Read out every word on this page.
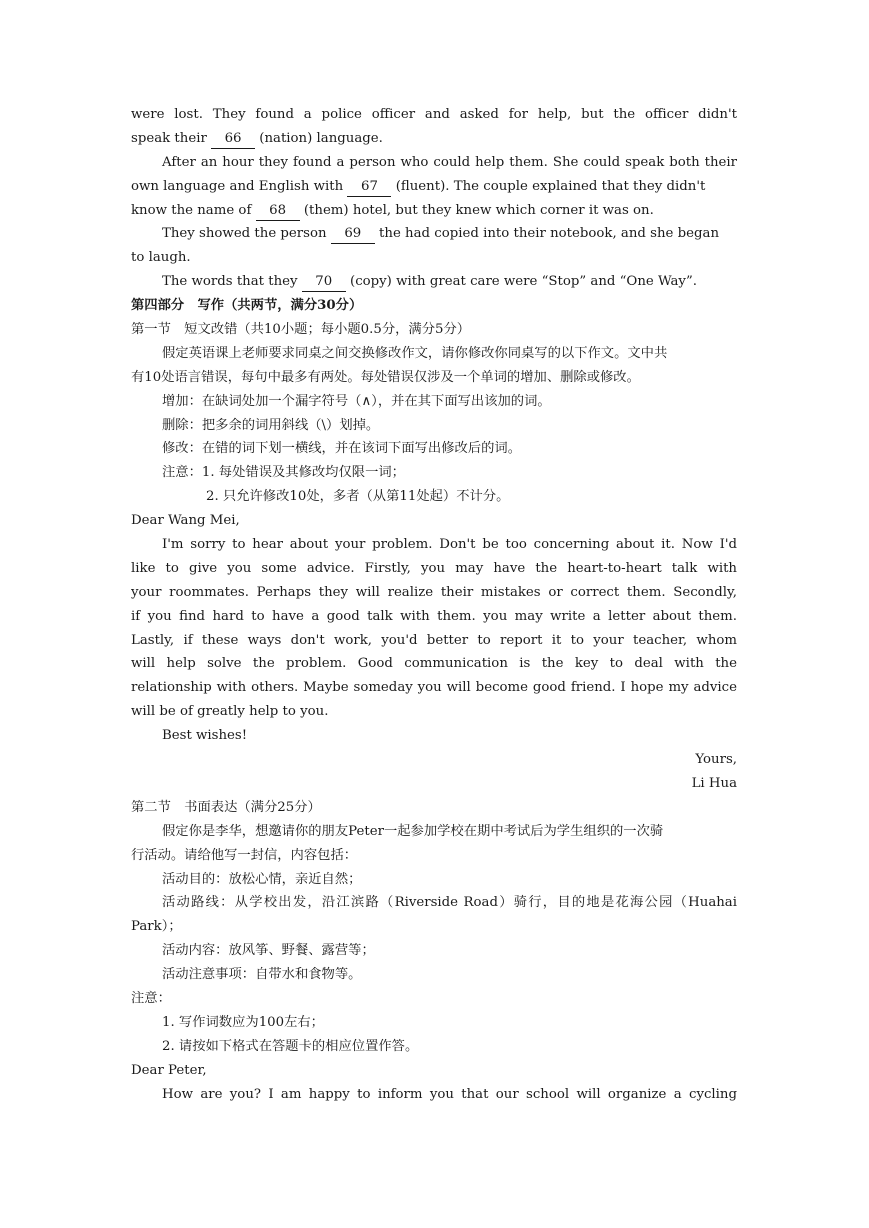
were lost. They found a police officer and asked for help, but the officer didn't
speak their 66 (nation) language.
After an hour they found a person who could help them. She could speak both their
own language and English with 67 (fluent). The couple explained that they didn't
know the name of 68 (them) hotel, but they knew which corner it was on.
They showed the person 69 the had copied into their notebook, and she began
to laugh.
The words that they 70 (copy) with great care were “Stop” and “One Way”.
第四部分　写作（共两节，满分30分）
第一节　短文改错（共10小题；每小题0.5分，满分5分）
假定英语课上老师要求同桌之间交换修改作文，请你修改你同桌写的以下作文。文中共
有10处语言错误，每句中最多有两处。每处错误仅涉及一个单词的增加、删除或修改。
增加：在缺词处加一个漏字符号（∧），并在其下面写出该加的词。
删除：把多余的词用斜线（\）划掉。
修改：在错的词下划一横线，并在该词下面写出修改后的词。
注意：1. 每处错误及其修改均仅限一词；
2. 只允许修改10处，多者（从第11处起）不计分。
Dear Wang Mei,
I'm sorry to hear about your problem. Don't be too concerning about it. Now I'd
like to give you some advice. Firstly, you may have the heart-to-heart talk with
your roommates. Perhaps they will realize their mistakes or correct them. Secondly,
if you find hard to have a good talk with them. you may write a letter about them.
Lastly, if these ways don't work, you'd better to report it to your teacher, whom
will help solve the problem. Good communication is the key to deal with the
relationship with others. Maybe someday you will become good friend. I hope my advice
will be of greatly help to you.
Best wishes!
Yours,
Li Hua
第二节　书面表达（满分25分）
假定你是李华，想邀请你的朋友Peter一起参加学校在期中考试后为学生组织的一次骑
行活动。请给他写一封信，内容包括：
活动目的：放松心情，亲近自然；
活动路线：从学校出发，沿江滨路（Riverside Road）骑行，目的地是花海公园（Huahai
Park）；
活动内容：放风筝、野餐、露营等；
活动注意事项：自带水和食物等。
注意：
1. 写作词数应为100左右；
2. 请按如下格式在答题卡的相应位置作答。
Dear Peter,
How are you? I am happy to inform you that our school will organize a cycling
